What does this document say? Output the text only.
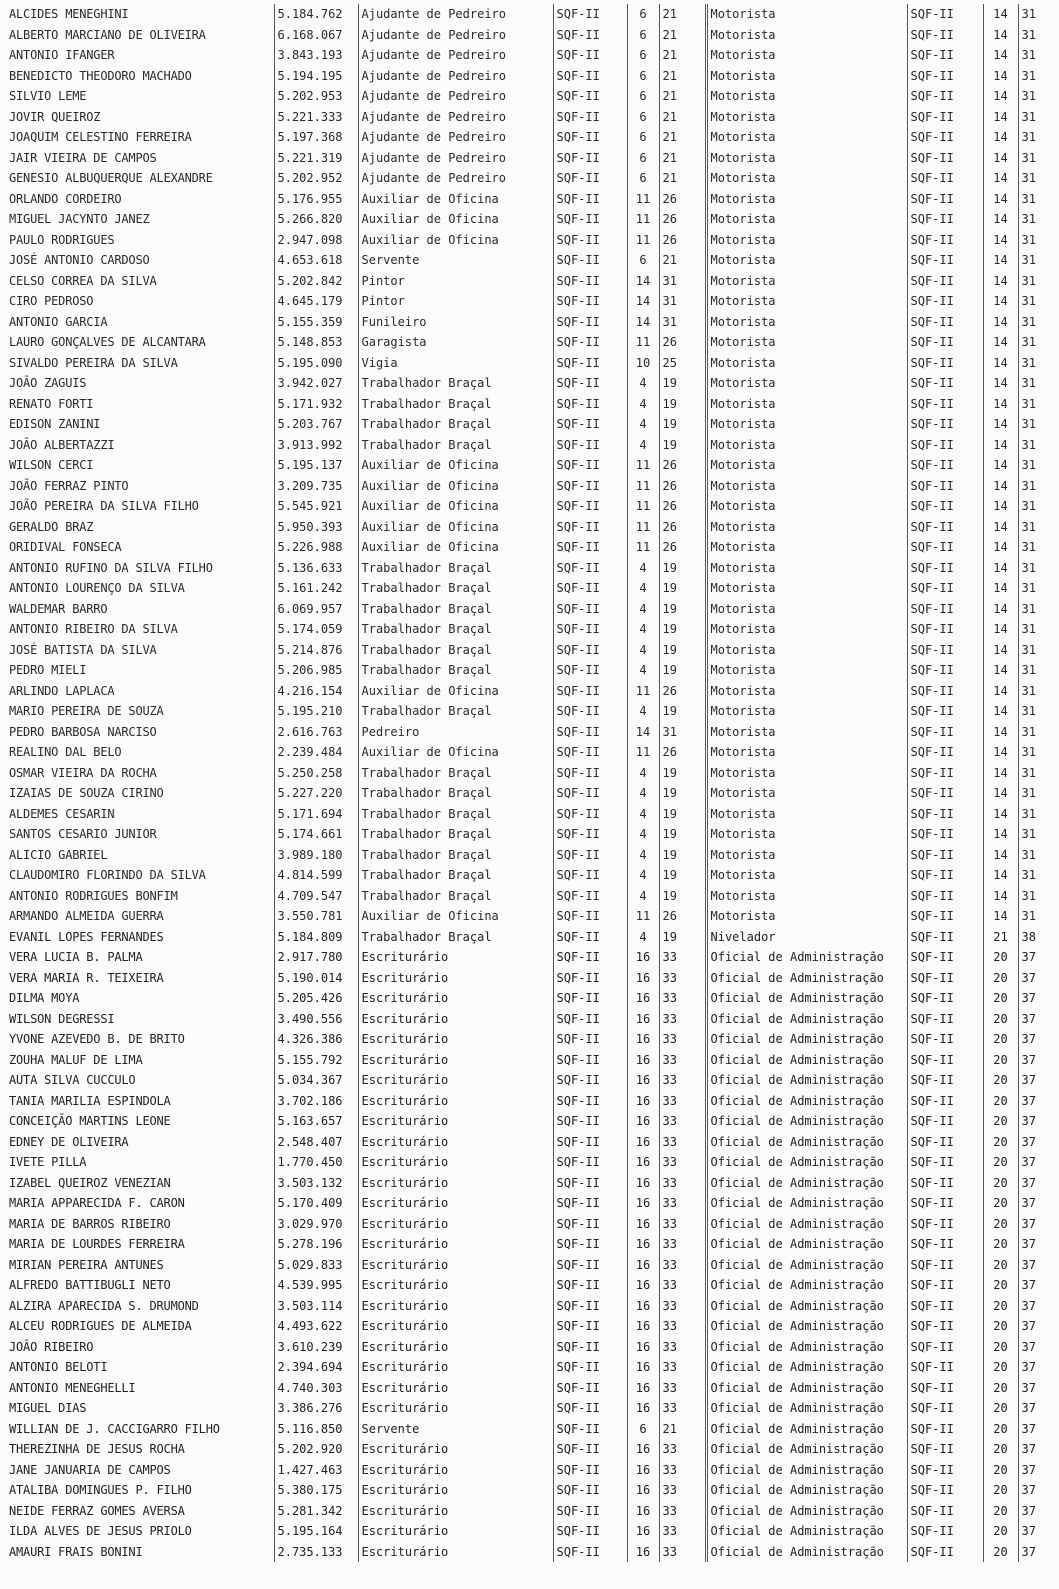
ALCIDES MENEGHINI	5.184.762	Ajudante de Pedreiro	SQF-II	6	21	Motorista	SQF-II	14	31
ALBERTO MARCIANO DE OLIVEIRA	6.168.067	Ajudante de Pedreiro	SQF-II	6	21	Motorista	SQF-II	14	31
ANTONIO IFANGER	3.843.193	Ajudante de Pedreiro	SQF-II	6	21	Motorista	SQF-II	14	31
BENEDICTO THEODORO MACHADO	5.194.195	Ajudante de Pedreiro	SQF-II	6	21	Motorista	SQF-II	14	31
SILVIO LEME	5.202.953	Ajudante de Pedreiro	SQF-II	6	21	Motorista	SQF-II	14	31
JOVIR QUEIROZ	5.221.333	Ajudante de Pedreiro	SQF-II	6	21	Motorista	SQF-II	14	31
JOAQUIM CELESTINO FERREIRA	5.197.368	Ajudante de Pedreiro	SQF-II	6	21	Motorista	SQF-II	14	31
JAIR VIEIRA DE CAMPOS	5.221.319	Ajudante de Pedreiro	SQF-II	6	21	Motorista	SQF-II	14	31
GENESIO ALBUQUERQUE ALEXANDRE	5.202.952	Ajudante de Pedreiro	SQF-II	6	21	Motorista	SQF-II	14	31
ORLANDO CORDEIRO	5.176.955	Auxiliar de Oficina	SQF-II	11	26	Motorista	SQF-II	14	31
MIGUEL JACYNTO JANEZ	5.266.820	Auxiliar de Oficina	SQF-II	11	26	Motorista	SQF-II	14	31
PAULO RODRIGUES	2.947.098	Auxiliar de Oficina	SQF-II	11	26	Motorista	SQF-II	14	31
JOSÉ ANTONIO CARDOSO	4.653.618	Servente	SQF-II	6	21	Motorista	SQF-II	14	31
CELSO CORREA DA SILVA	5.202.842	Pintor	SQF-II	14	31	Motorista	SQF-II	14	31
CIRO PEDROSO	4.645.179	Pintor	SQF-II	14	31	Motorista	SQF-II	14	31
ANTONIO GARCIA	5.155.359	Funileiro	SQF-II	14	31	Motorista	SQF-II	14	31
LAURO GONÇALVES DE ALCANTARA	5.148.853	Garagista	SQF-II	11	26	Motorista	SQF-II	14	31
SIVALDO PEREIRA DA SILVA	5.195.090	Vigia	SQF-II	10	25	Motorista	SQF-II	14	31
JOÃO ZAGUIS	3.942.027	Trabalhador Braçal	SQF-II	4	19	Motorista	SQF-II	14	31
RENATO FORTI	5.171.932	Trabalhador Braçal	SQF-II	4	19	Motorista	SQF-II	14	31
EDISON ZANINI	5.203.767	Trabalhador Braçal	SQF-II	4	19	Motorista	SQF-II	14	31
JOÃO ALBERTAZZI	3.913.992	Trabalhador Braçal	SQF-II	4	19	Motorista	SQF-II	14	31
WILSON CERCI	5.195.137	Auxiliar de Oficina	SQF-II	11	26	Motorista	SQF-II	14	31
JOÃO FERRAZ PINTO	3.209.735	Auxiliar de Oficina	SQF-II	11	26	Motorista	SQF-II	14	31
JOÃO PEREIRA DA SILVA FILHO	5.545.921	Auxiliar de Oficina	SQF-II	11	26	Motorista	SQF-II	14	31
GERALDO BRAZ	5.950.393	Auxiliar de Oficina	SQF-II	11	26	Motorista	SQF-II	14	31
ORIDIVAL FONSECA	5.226.988	Auxiliar de Oficina	SQF-II	11	26	Motorista	SQF-II	14	31
ANTONIO RUFINO DA SILVA FILHO	5.136.633	Trabalhador Braçal	SQF-II	4	19	Motorista	SQF-II	14	31
ANTONIO LOURENÇO DA SILVA	5.161.242	Trabalhador Braçal	SQF-II	4	19	Motorista	SQF-II	14	31
WALDEMAR BARRO	6.069.957	Trabalhador Braçal	SQF-II	4	19	Motorista	SQF-II	14	31
ANTONIO RIBEIRO DA SILVA	5.174.059	Trabalhador Braçal	SQF-II	4	19	Motorista	SQF-II	14	31
JOSÉ BATISTA DA SILVA	5.214.876	Trabalhador Braçal	SQF-II	4	19	Motorista	SQF-II	14	31
PEDRO MIELI	5.206.985	Trabalhador Braçal	SQF-II	4	19	Motorista	SQF-II	14	31
ARLINDO LAPLACA	4.216.154	Auxiliar de Oficina	SQF-II	11	26	Motorista	SQF-II	14	31
MARIO PEREIRA DE SOUZA	5.195.210	Trabalhador Braçal	SQF-II	4	19	Motorista	SQF-II	14	31
PEDRO BARBOSA NARCISO	2.616.763	Pedreiro	SQF-II	14	31	Motorista	SQF-II	14	31
REALINO DAL BELO	2.239.484	Auxiliar de Oficina	SQF-II	11	26	Motorista	SQF-II	14	31
OSMAR VIEIRA DA ROCHA	5.250.258	Trabalhador Braçal	SQF-II	4	19	Motorista	SQF-II	14	31
IZAIAS DE SOUZA CIRINO	5.227.220	Trabalhador Braçal	SQF-II	4	19	Motorista	SQF-II	14	31
ALDEMES CESARIN	5.171.694	Trabalhador Braçal	SQF-II	4	19	Motorista	SQF-II	14	31
SANTOS CESARIO JUNIOR	5.174.661	Trabalhador Braçal	SQF-II	4	19	Motorista	SQF-II	14	31
ALICIO GABRIEL	3.989.180	Trabalhador Braçal	SQF-II	4	19	Motorista	SQF-II	14	31
CLAUDOMIRO FLORINDO DA SILVA	4.814.599	Trabalhador Braçal	SQF-II	4	19	Motorista	SQF-II	14	31
ANTONIO RODRIGUES BONFIM	4.709.547	Trabalhador Braçal	SQF-II	4	19	Motorista	SQF-II	14	31
ARMANDO ALMEIDA GUERRA	3.550.781	Auxiliar de Oficina	SQF-II	11	26	Motorista	SQF-II	14	31
EVANIL LOPES FERNANDES	5.184.809	Trabalhador Braçal	SQF-II	4	19	Nivelador	SQF-II	21	38
VERA LUCIA B. PALMA	2.917.780	Escriturário	SQF-II	16	33	Oficial de Administração	SQF-II	20	37
VERA MARIA R. TEIXEIRA	5.190.014	Escriturário	SQF-II	16	33	Oficial de Administração	SQF-II	20	37
DILMA MOYA	5.205.426	Escriturário	SQF-II	16	33	Oficial de Administração	SQF-II	20	37
WILSON DEGRESSI	3.490.556	Escriturário	SQF-II	16	33	Oficial de Administração	SQF-II	20	37
YVONE AZEVEDO B. DE BRITO	4.326.386	Escriturário	SQF-II	16	33	Oficial de Administração	SQF-II	20	37
ZOUHA MALUF DE LIMA	5.155.792	Escriturário	SQF-II	16	33	Oficial de Administração	SQF-II	20	37
AUTA SILVA CUCCULO	5.034.367	Escriturário	SQF-II	16	33	Oficial de Administração	SQF-II	20	37
TANIA MARILIA ESPINDOLA	3.702.186	Escriturário	SQF-II	16	33	Oficial de Administração	SQF-II	20	37
CONCEIÇÃO MARTINS LEONE	5.163.657	Escriturário	SQF-II	16	33	Oficial de Administração	SQF-II	20	37
EDNEY DE OLIVEIRA	2.548.407	Escriturário	SQF-II	16	33	Oficial de Administração	SQF-II	20	37
IVETE PILLA	1.770.450	Escriturário	SQF-II	16	33	Oficial de Administração	SQF-II	20	37
IZABEL QUEIROZ VENEZIAN	3.503.132	Escriturário	SQF-II	16	33	Oficial de Administração	SQF-II	20	37
MARIA APPARECIDA F. CARON	5.170.409	Escriturário	SQF-II	16	33	Oficial de Administração	SQF-II	20	37
MARIA DE BARROS RIBEIRO	3.029.970	Escriturário	SQF-II	16	33	Oficial de Administração	SQF-II	20	37
MARIA DE LOURDES FERREIRA	5.278.196	Escriturário	SQF-II	16	33	Oficial de Administração	SQF-II	20	37
MIRIAN PEREIRA ANTUNES	5.029.833	Escriturário	SQF-II	16	33	Oficial de Administração	SQF-II	20	37
ALFREDO BATTIBUGLI NETO	4.539.995	Escriturário	SQF-II	16	33	Oficial de Administração	SQF-II	20	37
ALZIRA APARECIDA S. DRUMOND	3.503.114	Escriturário	SQF-II	16	33	Oficial de Administração	SQF-II	20	37
ALCEU RODRIGUES DE ALMEIDA	4.493.622	Escriturário	SQF-II	16	33	Oficial de Administração	SQF-II	20	37
JOÃO RIBEIRO	3.610.239	Escriturário	SQF-II	16	33	Oficial de Administração	SQF-II	20	37
ANTONIO BELOTI	2.394.694	Escriturário	SQF-II	16	33	Oficial de Administração	SQF-II	20	37
ANTONIO MENEGHELLI	4.740.303	Escriturário	SQF-II	16	33	Oficial de Administração	SQF-II	20	37
MIGUEL DIAS	3.386.276	Escriturário	SQF-II	16	33	Oficial de Administração	SQF-II	20	37
WILLIAN DE J. CACCIGARRO FILHO	5.116.850	Servente	SQF-II	6	21	Oficial de Administração	SQF-II	20	37
THEREZINHA DE JESUS ROCHA	5.202.920	Escriturário	SQF-II	16	33	Oficial de Administração	SQF-II	20	37
JANE JANUARIA DE CAMPOS	1.427.463	Escriturário	SQF-II	16	33	Oficial de Administração	SQF-II	20	37
ATALIBA DOMINGUES P. FILHO	5.380.175	Escriturário	SQF-II	16	33	Oficial de Administração	SQF-II	20	37
NEIDE FERRAZ GOMES AVERSA	5.281.342	Escriturário	SQF-II	16	33	Oficial de Administração	SQF-II	20	37
ILDA ALVES DE JESUS PRIOLO	5.195.164	Escriturário	SQF-II	16	33	Oficial de Administração	SQF-II	20	37
AMAURI FRAIS BONINI	2.735.133	Escriturário	SQF-II	16	33	Oficial de Administração	SQF-II	20	37
